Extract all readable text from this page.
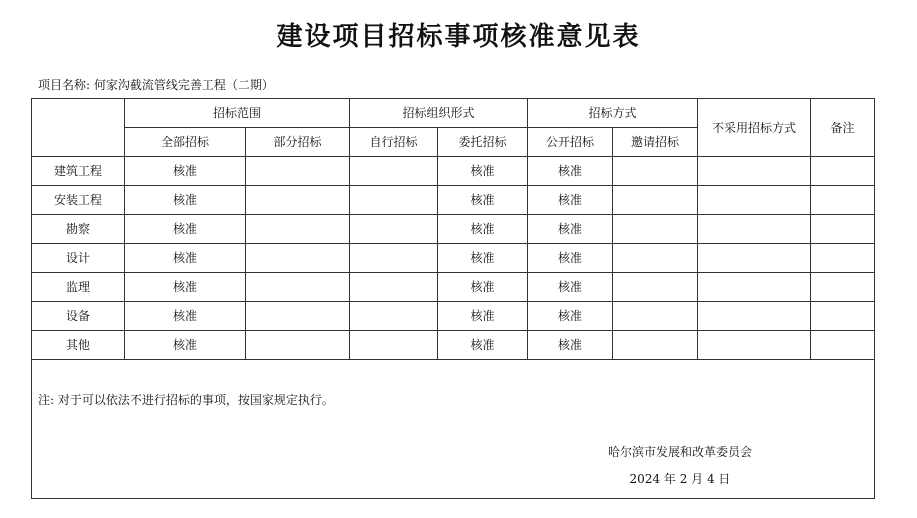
建设项目招标事项核准意见表
项目名称: 何家沟截流管线完善工程（二期）
	招标范围		招标组织形式		招标方式		不采用招标方式	备注
	全部招标	部分招标	自行招标	委托招标	公开招标	邀请招标		
建筑工程	核准			核准	核准			
安装工程	核准			核准	核准			
勘察	核准			核准	核准			
设计	核准			核准	核准			
监理	核准			核准	核准			
设备	核准			核准	核准			
其他	核准			核准	核准			

注: 对于可以依法不进行招标的事项，按国家规定执行。
哈尔滨市发展和改革委员会
2024 年 2 月 4 日								
